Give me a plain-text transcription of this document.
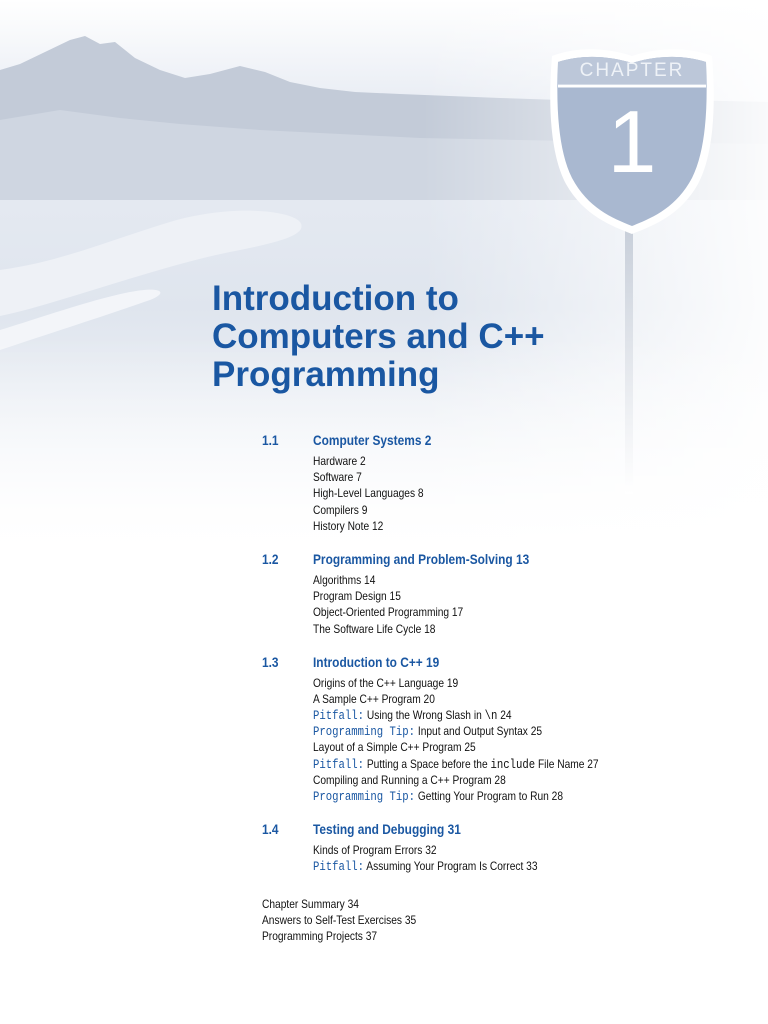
CHAPTER
1
Introduction to
Computers and C++
Programming
1.1 Computer Systems 2
Hardware 2
Software 7
High-Level Languages 8
Compilers 9
History Note 12
1.2 Programming and Problem-Solving 13
Algorithms 14
Program Design 15
Object-Oriented Programming 17
The Software Life Cycle 18
1.3 Introduction to C++ 19
Origins of the C++ Language 19
A Sample C++ Program 20
Pitfall: Using the Wrong Slash in \n 24
Programming Tip: Input and Output Syntax 25
Layout of a Simple C++ Program 25
Pitfall: Putting a Space before the include File Name 27
Compiling and Running a C++ Program 28
Programming Tip: Getting Your Program to Run 28
1.4 Testing and Debugging 31
Kinds of Program Errors 32
Pitfall: Assuming Your Program Is Correct 33
Chapter Summary 34
Answers to Self-Test Exercises 35
Programming Projects 37
